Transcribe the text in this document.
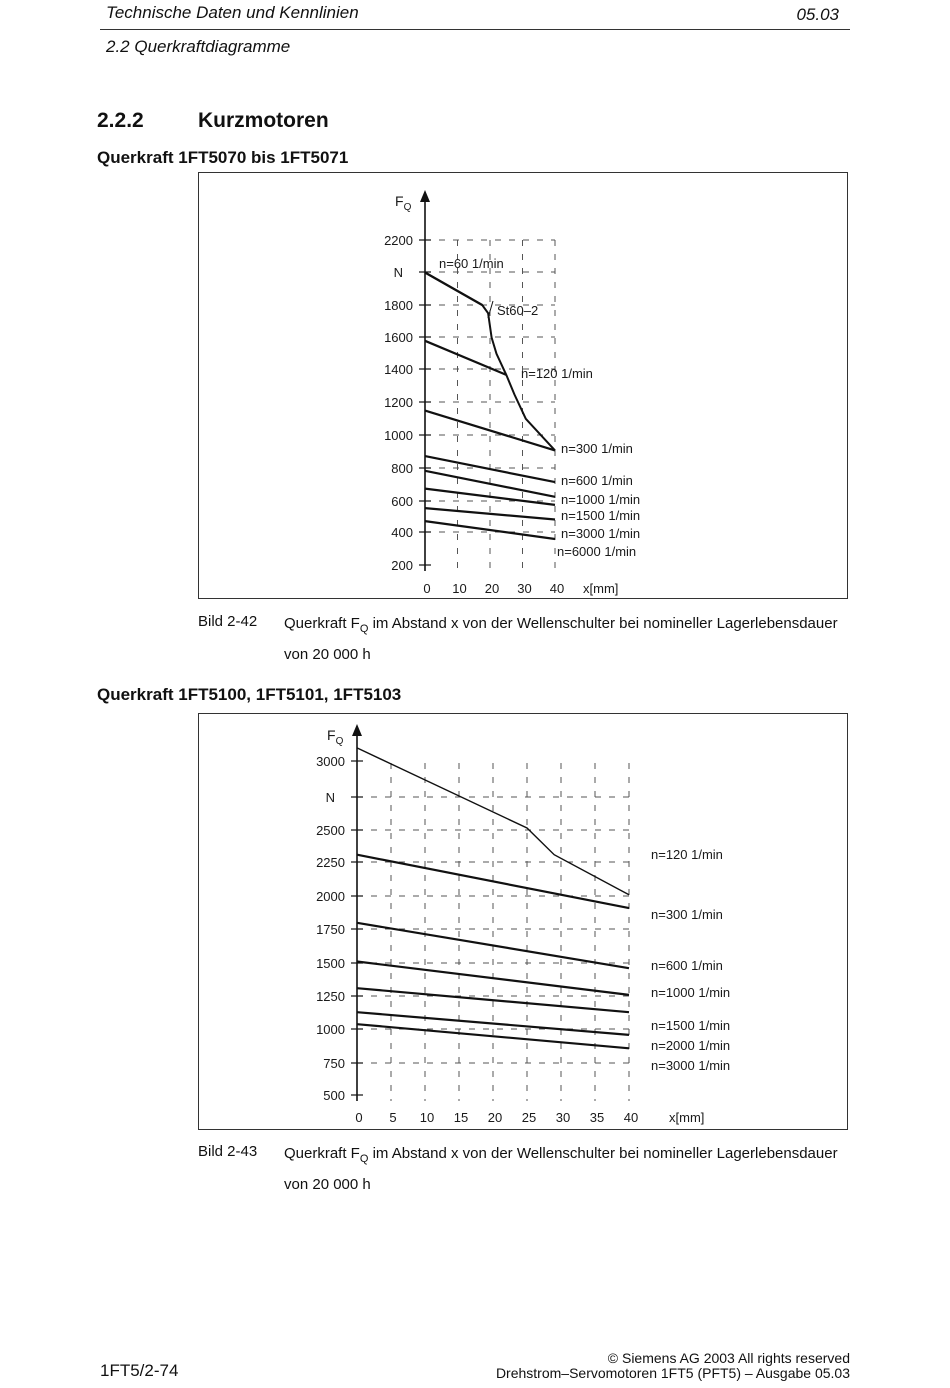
Technische Daten und Kennlinien	05.03
2.2 Querkraftdiagramme
2.2.2	Kurzmotoren
Querkraft 1FT5070 bis 1FT5071
$F_Q$
200
400
600
800
1000
1200
1400
1600
1800
2200
N
0 10 20 30 40 x[mm]
St60–2
n=60 1/min
n=120 1/min
n=300 1/min
n=600 1/min
n=1000 1/min
n=1500 1/min
n=3000 1/min
n=6000 1/min
Bild 2-42 Querkraft $F_Q$ im Abstand x von der Wellenschulter bei nomineller Lagerlebensdauer von 20 000 h
Querkraft 1FT5100, 1FT5101, 1FT5103
$F_Q$
500
750
1000
1250
1500
1750
2000
2250
2500
3000
N
0 5 10 15 20 25 30 35 40 x[mm]
n=120 1/min
n=300 1/min
n=600 1/min
n=1000 1/min
n=1500 1/min
n=2000 1/min
n=3000 1/min
Bild 2-43 Querkraft $F_Q$ im Abstand x von der Wellenschulter bei nomineller Lagerlebensdauer von 20 000 h
1FT5/2-74
© Siemens AG 2003 All rights reserved
Drehstrom–Servomotoren 1FT5 (PFT5) – Ausgabe 05.03
